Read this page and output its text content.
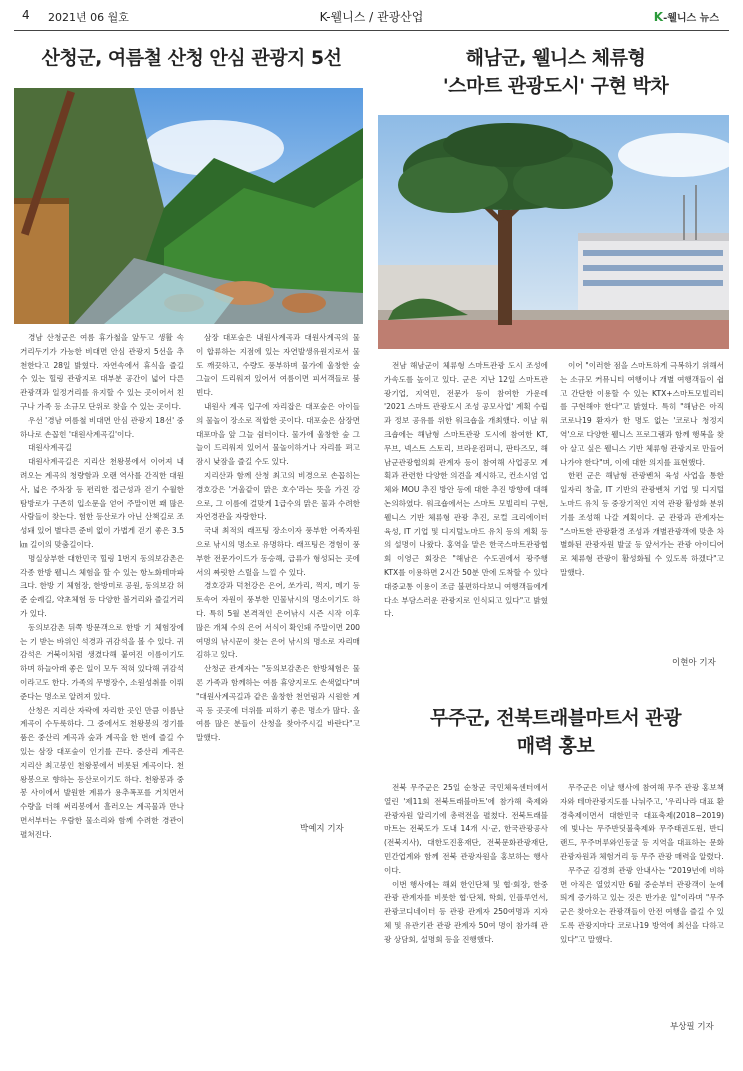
4 2021년 06 월호	K-웰니스 / 관광산업	K-웰니스 뉴스
산청군, 여름철 산청 안심 관광지 5선

경남 산청군은 여름 휴가철을 앞두고 생활 속 거리두기가 가능한 비대면 안심 관광지 5선을 추천한다고 28일 밝혔다. 자연속에서 휴식을 즐길 수 있는 힐링 관광지로 대부분 공간이 넓어 다른 관광객과 일정거리를 유지할 수 있는 곳이어서 친구나 가족 등 소규모 단위로 찾을 수 있는 곳이다.

우선 '경남 여름철 비대면 안심 관광지 18선' 중 하나로 손꼽힌 '대원사계곡길'이다.

대원사계곡길

대원사계곡길은 지리산 천왕봉에서 이어져 내려오는 계곡의 청량함과 오랜 역사를 간직한 대원사, 넓은 주차장 등 편리한 접근성과 걷기 수월한 탐방로가 구존히 입소문을 얻어 주말이면 꽤 많은 사람들이 찾는다. 험한 등산로가 아닌 산책길로 조성돼 있어 별다른 준비 없이 가볍게 걷기 좋은 3.5㎞ 길이의 맞춤길이다.

명실상부한 대한민국 힐링 1번지 동의보감촌은 각종 한방 웰니스 체험을 할 수 있는 항노화테마파크다. 한방 기 체험장, 한방미로 공원, 동의보감 허준 순례길, 약초체험 등 다양한 볼거리와 즐길거리가 있다.

동의보감촌 뒤쪽 방문객으로 한방 기 체험장에는 기 받는 바위인 석경과 귀감석을 볼 수 있다. 귀감석은 거북이처럼 생겼다해 붙여진 이름이기도 하며 하늘아래 좋은 일이 모두 적혀 있다해 귀감석이라고도 한다. 가족의 무병장수, 소원성취를 이뤄 준다는 명소로 알려져 있다.

산청은 지리산 자락에 자리한 곳인 만큼 이름난 계곡이 수두룩하다. 그 중에서도 천왕봉의 정기를 품은 중산리 계곡과 숲과 계곡을 한 번에 즐길 수 있는 삼장 대포숲이 인기를 끈다. 중산리 계곡은 지리산 최고봉인 천왕봉에서 비롯된 계곡이다. 천왕봉으로 향하는 등산로이기도 하다. 천왕봉과 중봉 사이에서 발원한 계류가 용추폭포를 거치면서 수량을 더해 써리봉에서 흘러오는 계곡물과 만나면서부터는 우람한 물소리와 함께 수려한 경관이 펼쳐진다.

삼장 대포숲은 내원사계곡과 대원사계곡의 물이 합류하는 지점에 있는 자연발생유원지로서 물도 깨끗하고, 수량도 풍부하며 물가에 울창한 숲 그늘이 드리워져 있어서 여름이면 피서객들로 붐빈다.

내원사 계곡 입구에 자리잡은 대포숲은 아이들의 물놀이 장소로 적합한 곳이다. 대포숲은 삼장면 대포마을 앞 그늘 쉼터이다. 물가에 울창한 숲 그늘이 드리워져 있어서 물놀이하거나 자리를 펴고 잠시 낮잠을 즐길 수도 있다.

지리산과 함께 산청 최고의 비경으로 손꼽히는 경호강은 '거울같이 맑은 호수'라는 뜻을 가진 강으로, 그 이름에 걸맞게 1급수의 맑은 물과 수려한 자연경관을 자랑한다.

국내 최적의 래프팅 장소이자 풍부한 어족자원으로 낚시의 명소로 유명하다. 래프팅은 경험이 풍부한 전문가이드가 동승해, 급류가 형성되는 곳에서의 짜릿한 스릴을 느낄 수 있다.

경호강과 덕천강은 은어, 쏘가리, 꺽지, 메기 등 토속어 자원이 풍부한 민물낚시의 명소이기도 하다. 특히 5월 본격적인 은어낚시 시즌 시작 이후 많은 개체 수의 은어 서식이 확인돼 주말이면 200여명의 낚시꾼이 찾는 은어 낚시의 명소로 자리매김하고 있다.

산청군 관계자는 "동의보감촌은 한방체험은 물론 가족과 함께하는 여름 휴양지로도 손색없다"며 "대원사계곡길과 같은 울창한 천연림과 시원한 계곡 등 곳곳에 더위를 피하기 좋은 명소가 많다. 올 여름 많은 분들이 산청을 찾아주시길 바란다"고 말했다.

박예지 기자
해남군, 웰니스 체류형
'스마트 관광도시' 구현 박차

전남 해남군이 체류형 스마트관광 도시 조성에 가속도를 높이고 있다. 군은 지난 12일 스마트관광기업, 지역민, 전문가 등이 참여한 가운데 '2021 스마트 관광도시 조성 공모사업' 계획 수립과 정보 공유를 위한 워크숍을 개최했다. 이날 워크숍에는 해남형 스마트관광 도시에 참여한 KT, 무브, 넥스트 스토리, 브라운컴퍼니, 판타즈모, 해남군관광협의회 관계자 등이 참여해 사업공모 계획과 관련한 다양한 의견을 제시하고, 컨소시엄 업체와 MOU 추진 방안 등에 대한 추진 방향에 대해 논의하였다. 워크숍에서는 스마트 모빌리티 구현, 웰니스 기반 체류형 관광 추진, 로컬 크리에이터 육성, IT 기업 및 디지털노마드 유치 등의 계획 등의 설명이 나왔다. 홍역을 맡은 한국스마트관광협회 이영근 회장은 "해남은 수도권에서 광주행 KTX를 이용하면 2시간 50분 만에 도착할 수 있다 대중교통 이용이 조금 불편하다보니 여행객들에게 다소 부담스러운 관광지로 인식되고 있다"고 밝혔다.

이어 "이러한 점을 스마트하게 극복하기 위해서는 소규모 커뮤니티 여행이나 개별 여행객들이 쉽고 간단한 이용할 수 있는 KTX+스마트모빌리티를 구현해야 한다"고 밝혔다. 특히 "해남은 아직 코로나19 환자가 한 명도 없는 '코로나 청정지역'으로 다양한 웰니스 프로그램과 함께 행복을 찾아 살고 싶은 웰니스 기반 체류형 관광지로 만들어나가야 한다"며, 이에 대한 의지를 표현했다.

한편 군은 해남형 관광벤처 육성 사업을 통한 일자리 창출, IT 기반의 관광벤처 기업 및 디지털노마드 유치 등 중장기적인 지역 관광 활성화 분위기를 조성해 나갈 계획이다. 군 관광과 관계자는 "스마트한 관광환경 조성과 개별관광객에 맞춘 차별화된 관광자원 발굴 등 앞서가는 관광 아이디어로 체류형 관광이 활성화될 수 있도록 하겠다"고 말했다.

이현아 기자
무주군, 전북트래블마트서 관광
매력 홍보

전북 무주군은 25일 순창군 국민체육센터에서 열린 '제11회 전북트래블마트'에 참가해 축제와 관광자원 알리기에 총력전을 펼쳤다. 전북트래블마트는 전북도가 도내 14개 시·군, 한국관광공사(전북지사), 대한도진흥재단, 전북문화관광재단, 민간업계와 함께 전북 관광자원을 홍보하는 행사이다.

이번 행사에는 해외 한인단체 및 협·회장, 한중관광 관계자를 비롯한 협·단체, 학회, 인플루언서, 관광코디네이터 등 관광 관계자 250여명과 지자체 및 유관기관 관광 관계자 50여 명이 참가해 관광 상담회, 설명회 등을 진행했다.

무주군은 이날 행사에 참여해 무주 관광 홍보책자와 테마관광지도를 나눠주고, '우리나라 대표 환경축제이면서 대한민국 대표축제(2018~2019)에 빛나는 무주반딧불축제와 무주태권도원, 반디랜드, 무주머루와인동굴 등 지역을 대표하는 문화관광자원과 체험거리 등 무주 관광 매력을 알렸다.

무주군 김경희 관광 안내사는 "2019년에 비하면 아직은 열었지만 6월 중순부터 관광객이 눈에 띄게 증가하고 있는 것은 반가운 일"이라며 "무주군은 찾아오는 관광객들이 안전 여행을 즐길 수 있도록 관광지마다 코로나19 방역에 최선을 다하고 있다"고 말했다.

부상필 기자
